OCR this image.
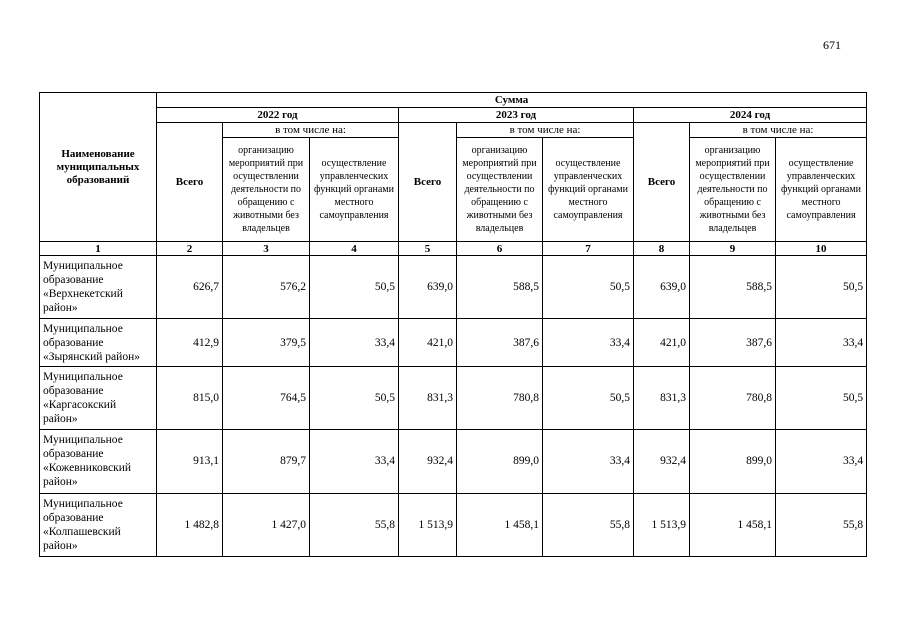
671
Наименование муниципальных образований	Сумма								
	2022 год			2023 год			2024 год		
	Всего	в том числе на:		Всего	в том числе на:		Всего	в том числе на:	
		организацию мероприятий при осуществлении деятельности по обращению с животными без владельцев	осуществление управленческих функций органами местного самоуправления		организацию мероприятий при осуществлении деятельности по обращению с животными без владельцев	осуществление управленческих функций органами местного самоуправления		организацию мероприятий при осуществлении деятельности по обращению с животными без владельцев	осуществление управленческих функций органами местного самоуправления
1	2	3	4	5	6	7	8	9	10
Муниципальное образование «Верхнекетский район»	626,7	576,2	50,5	639,0	588,5	50,5	639,0	588,5	50,5
Муниципальное образование «Зырянский район»	412,9	379,5	33,4	421,0	387,6	33,4	421,0	387,6	33,4
Муниципальное образование «Каргасокский район»	815,0	764,5	50,5	831,3	780,8	50,5	831,3	780,8	50,5
Муниципальное образование «Кожевниковский район»	913,1	879,7	33,4	932,4	899,0	33,4	932,4	899,0	33,4
Муниципальное образование «Колпашевский район»	1 482,8	1 427,0	55,8	1 513,9	1 458,1	55,8	1 513,9	1 458,1	55,8
